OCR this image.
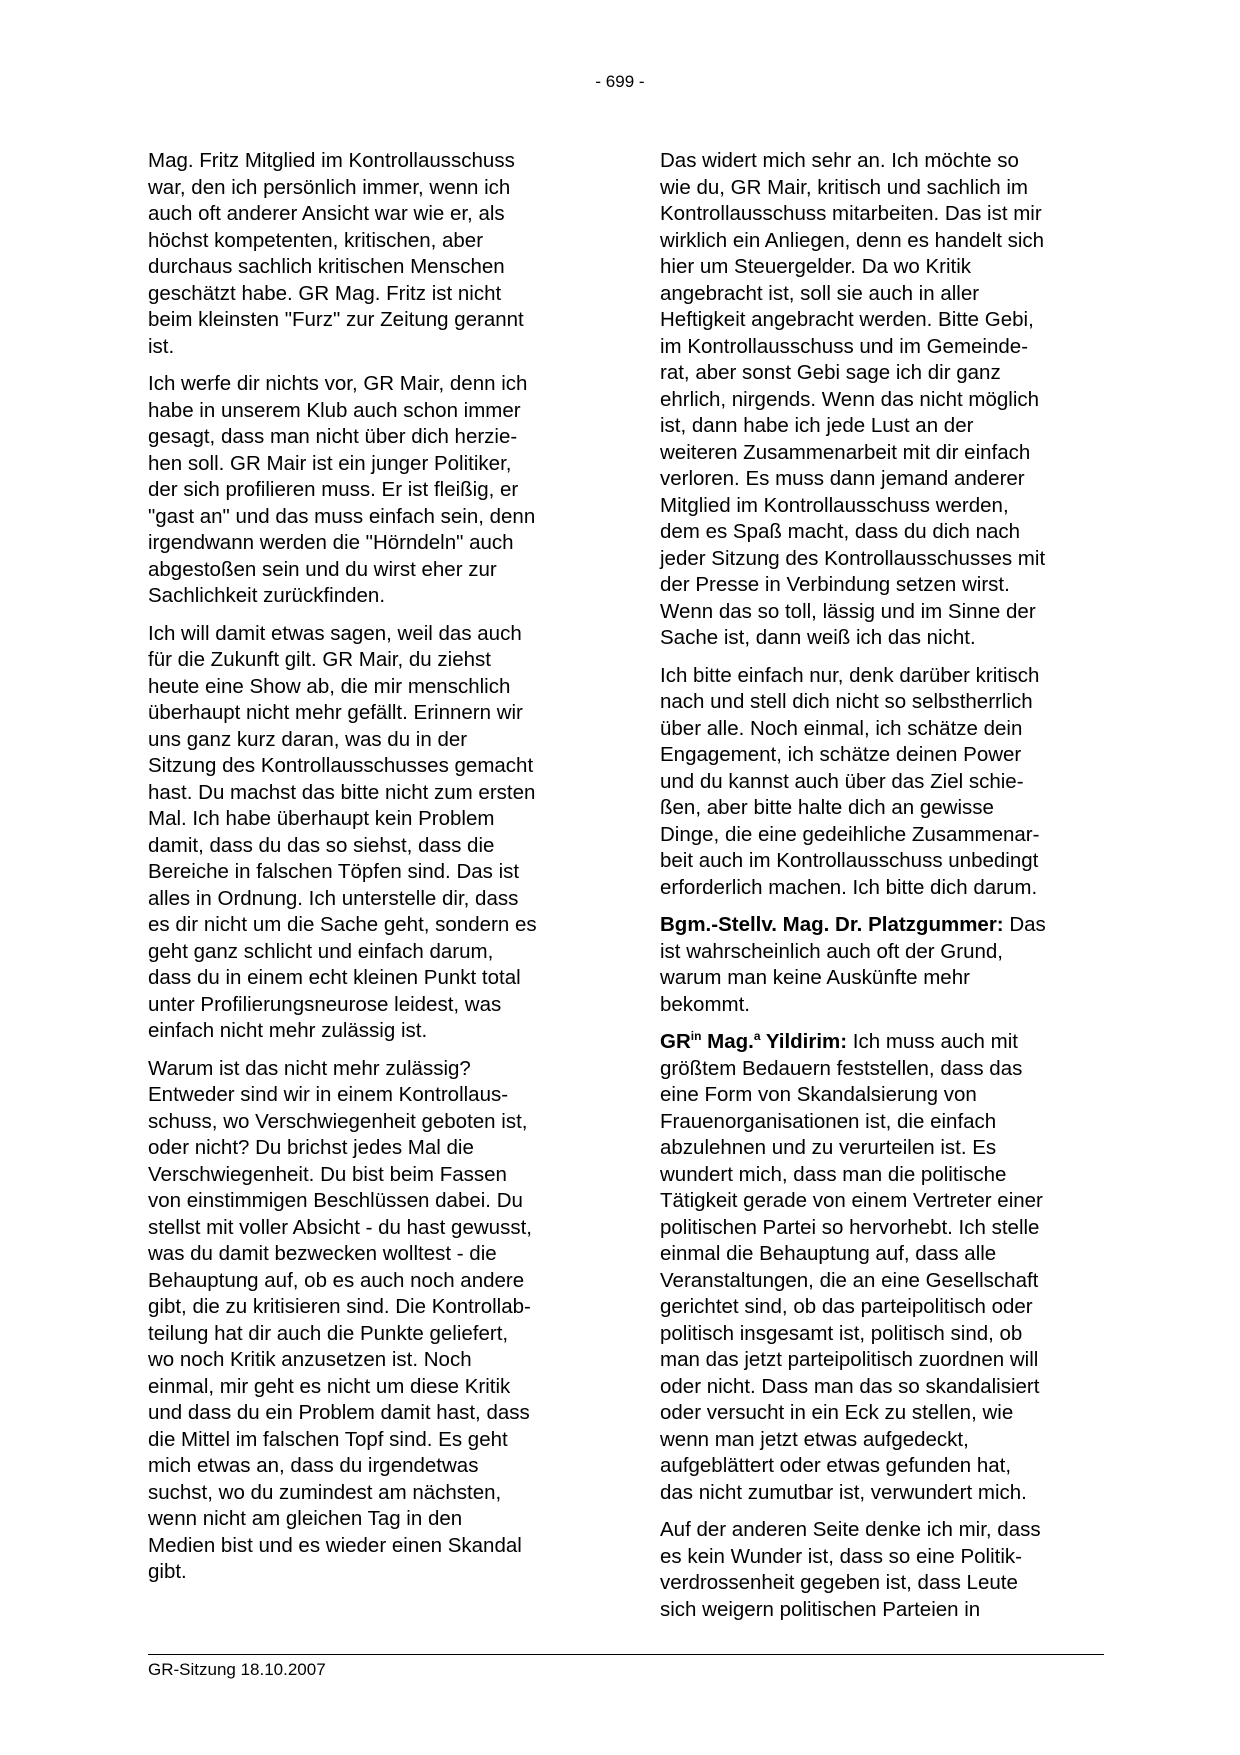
- 699 -

Mag. Fritz Mitglied im Kontrollausschuss
war, den ich persönlich immer, wenn ich
auch oft anderer Ansicht war wie er, als
höchst kompetenten, kritischen, aber
durchaus sachlich kritischen Menschen
geschätzt habe. GR Mag. Fritz ist nicht
beim kleinsten "Furz" zur Zeitung gerannt
ist.

Ich werfe dir nichts vor, GR Mair, denn ich
habe in unserem Klub auch schon immer
gesagt, dass man nicht über dich herzie-
hen soll. GR Mair ist ein junger Politiker,
der sich profilieren muss. Er ist fleißig, er
"gast an" und das muss einfach sein, denn
irgendwann werden die "Hörndeln" auch
abgestoßen sein und du wirst eher zur
Sachlichkeit zurückfinden.

Ich will damit etwas sagen, weil das auch
für die Zukunft gilt. GR Mair, du ziehst
heute eine Show ab, die mir menschlich
überhaupt nicht mehr gefällt. Erinnern wir
uns ganz kurz daran, was du in der
Sitzung des Kontrollausschusses gemacht
hast. Du machst das bitte nicht zum ersten
Mal. Ich habe überhaupt kein Problem
damit, dass du das so siehst, dass die
Bereiche in falschen Töpfen sind. Das ist
alles in Ordnung. Ich unterstelle dir, dass
es dir nicht um die Sache geht, sondern es
geht ganz schlicht und einfach darum,
dass du in einem echt kleinen Punkt total
unter Profilierungsneurose leidest, was
einfach nicht mehr zulässig ist.

Warum ist das nicht mehr zulässig?
Entweder sind wir in einem Kontrollaus-
schuss, wo Verschwiegenheit geboten ist,
oder nicht? Du brichst jedes Mal die
Verschwiegenheit. Du bist beim Fassen
von einstimmigen Beschlüssen dabei. Du
stellst mit voller Absicht - du hast gewusst,
was du damit bezwecken wolltest - die
Behauptung auf, ob es auch noch andere
gibt, die zu kritisieren sind. Die Kontrollab-
teilung hat dir auch die Punkte geliefert,
wo noch Kritik anzusetzen ist. Noch
einmal, mir geht es nicht um diese Kritik
und dass du ein Problem damit hast, dass
die Mittel im falschen Topf sind. Es geht
mich etwas an, dass du irgendetwas
suchst, wo du zumindest am nächsten,
wenn nicht am gleichen Tag in den
Medien bist und es wieder einen Skandal
gibt.

Das widert mich sehr an. Ich möchte so
wie du, GR Mair, kritisch und sachlich im
Kontrollausschuss mitarbeiten. Das ist mir
wirklich ein Anliegen, denn es handelt sich
hier um Steuergelder. Da wo Kritik
angebracht ist, soll sie auch in aller
Heftigkeit angebracht werden. Bitte Gebi,
im Kontrollausschuss und im Gemeinde-
rat, aber sonst Gebi sage ich dir ganz
ehrlich, nirgends. Wenn das nicht möglich
ist, dann habe ich jede Lust an der
weiteren Zusammenarbeit mit dir einfach
verloren. Es muss dann jemand anderer
Mitglied im Kontrollausschuss werden,
dem es Spaß macht, dass du dich nach
jeder Sitzung des Kontrollausschusses mit
der Presse in Verbindung setzen wirst.
Wenn das so toll, lässig und im Sinne der
Sache ist, dann weiß ich das nicht.

Ich bitte einfach nur, denk darüber kritisch
nach und stell dich nicht so selbstherrlich
über alle. Noch einmal, ich schätze dein
Engagement, ich schätze deinen Power
und du kannst auch über das Ziel schie-
ßen, aber bitte halte dich an gewisse
Dinge, die eine gedeihliche Zusammenar-
beit auch im Kontrollausschuss unbedingt
erforderlich machen. Ich bitte dich darum.

Bgm.-Stellv. Mag. Dr. Platzgummer: Das
ist wahrscheinlich auch oft der Grund,
warum man keine Auskünfte mehr
bekommt.

$GR^{in}$ Mag.$^a$ Yildirim: Ich muss auch mit
größtem Bedauern feststellen, dass das
eine Form von Skandalsierung von
Frauenorganisationen ist, die einfach
abzulehnen und zu verurteilen ist. Es
wundert mich, dass man die politische
Tätigkeit gerade von einem Vertreter einer
politischen Partei so hervorhebt. Ich stelle
einmal die Behauptung auf, dass alle
Veranstaltungen, die an eine Gesellschaft
gerichtet sind, ob das parteipolitisch oder
politisch insgesamt ist, politisch sind, ob
man das jetzt parteipolitisch zuordnen will
oder nicht. Dass man das so skandalisiert
oder versucht in ein Eck zu stellen, wie
wenn man jetzt etwas aufgedeckt,
aufgeblättert oder etwas gefunden hat,
das nicht zumutbar ist, verwundert mich.

Auf der anderen Seite denke ich mir, dass
es kein Wunder ist, dass so eine Politik-
verdrossenheit gegeben ist, dass Leute
sich weigern politischen Parteien in

GR-Sitzung 18.10.2007
